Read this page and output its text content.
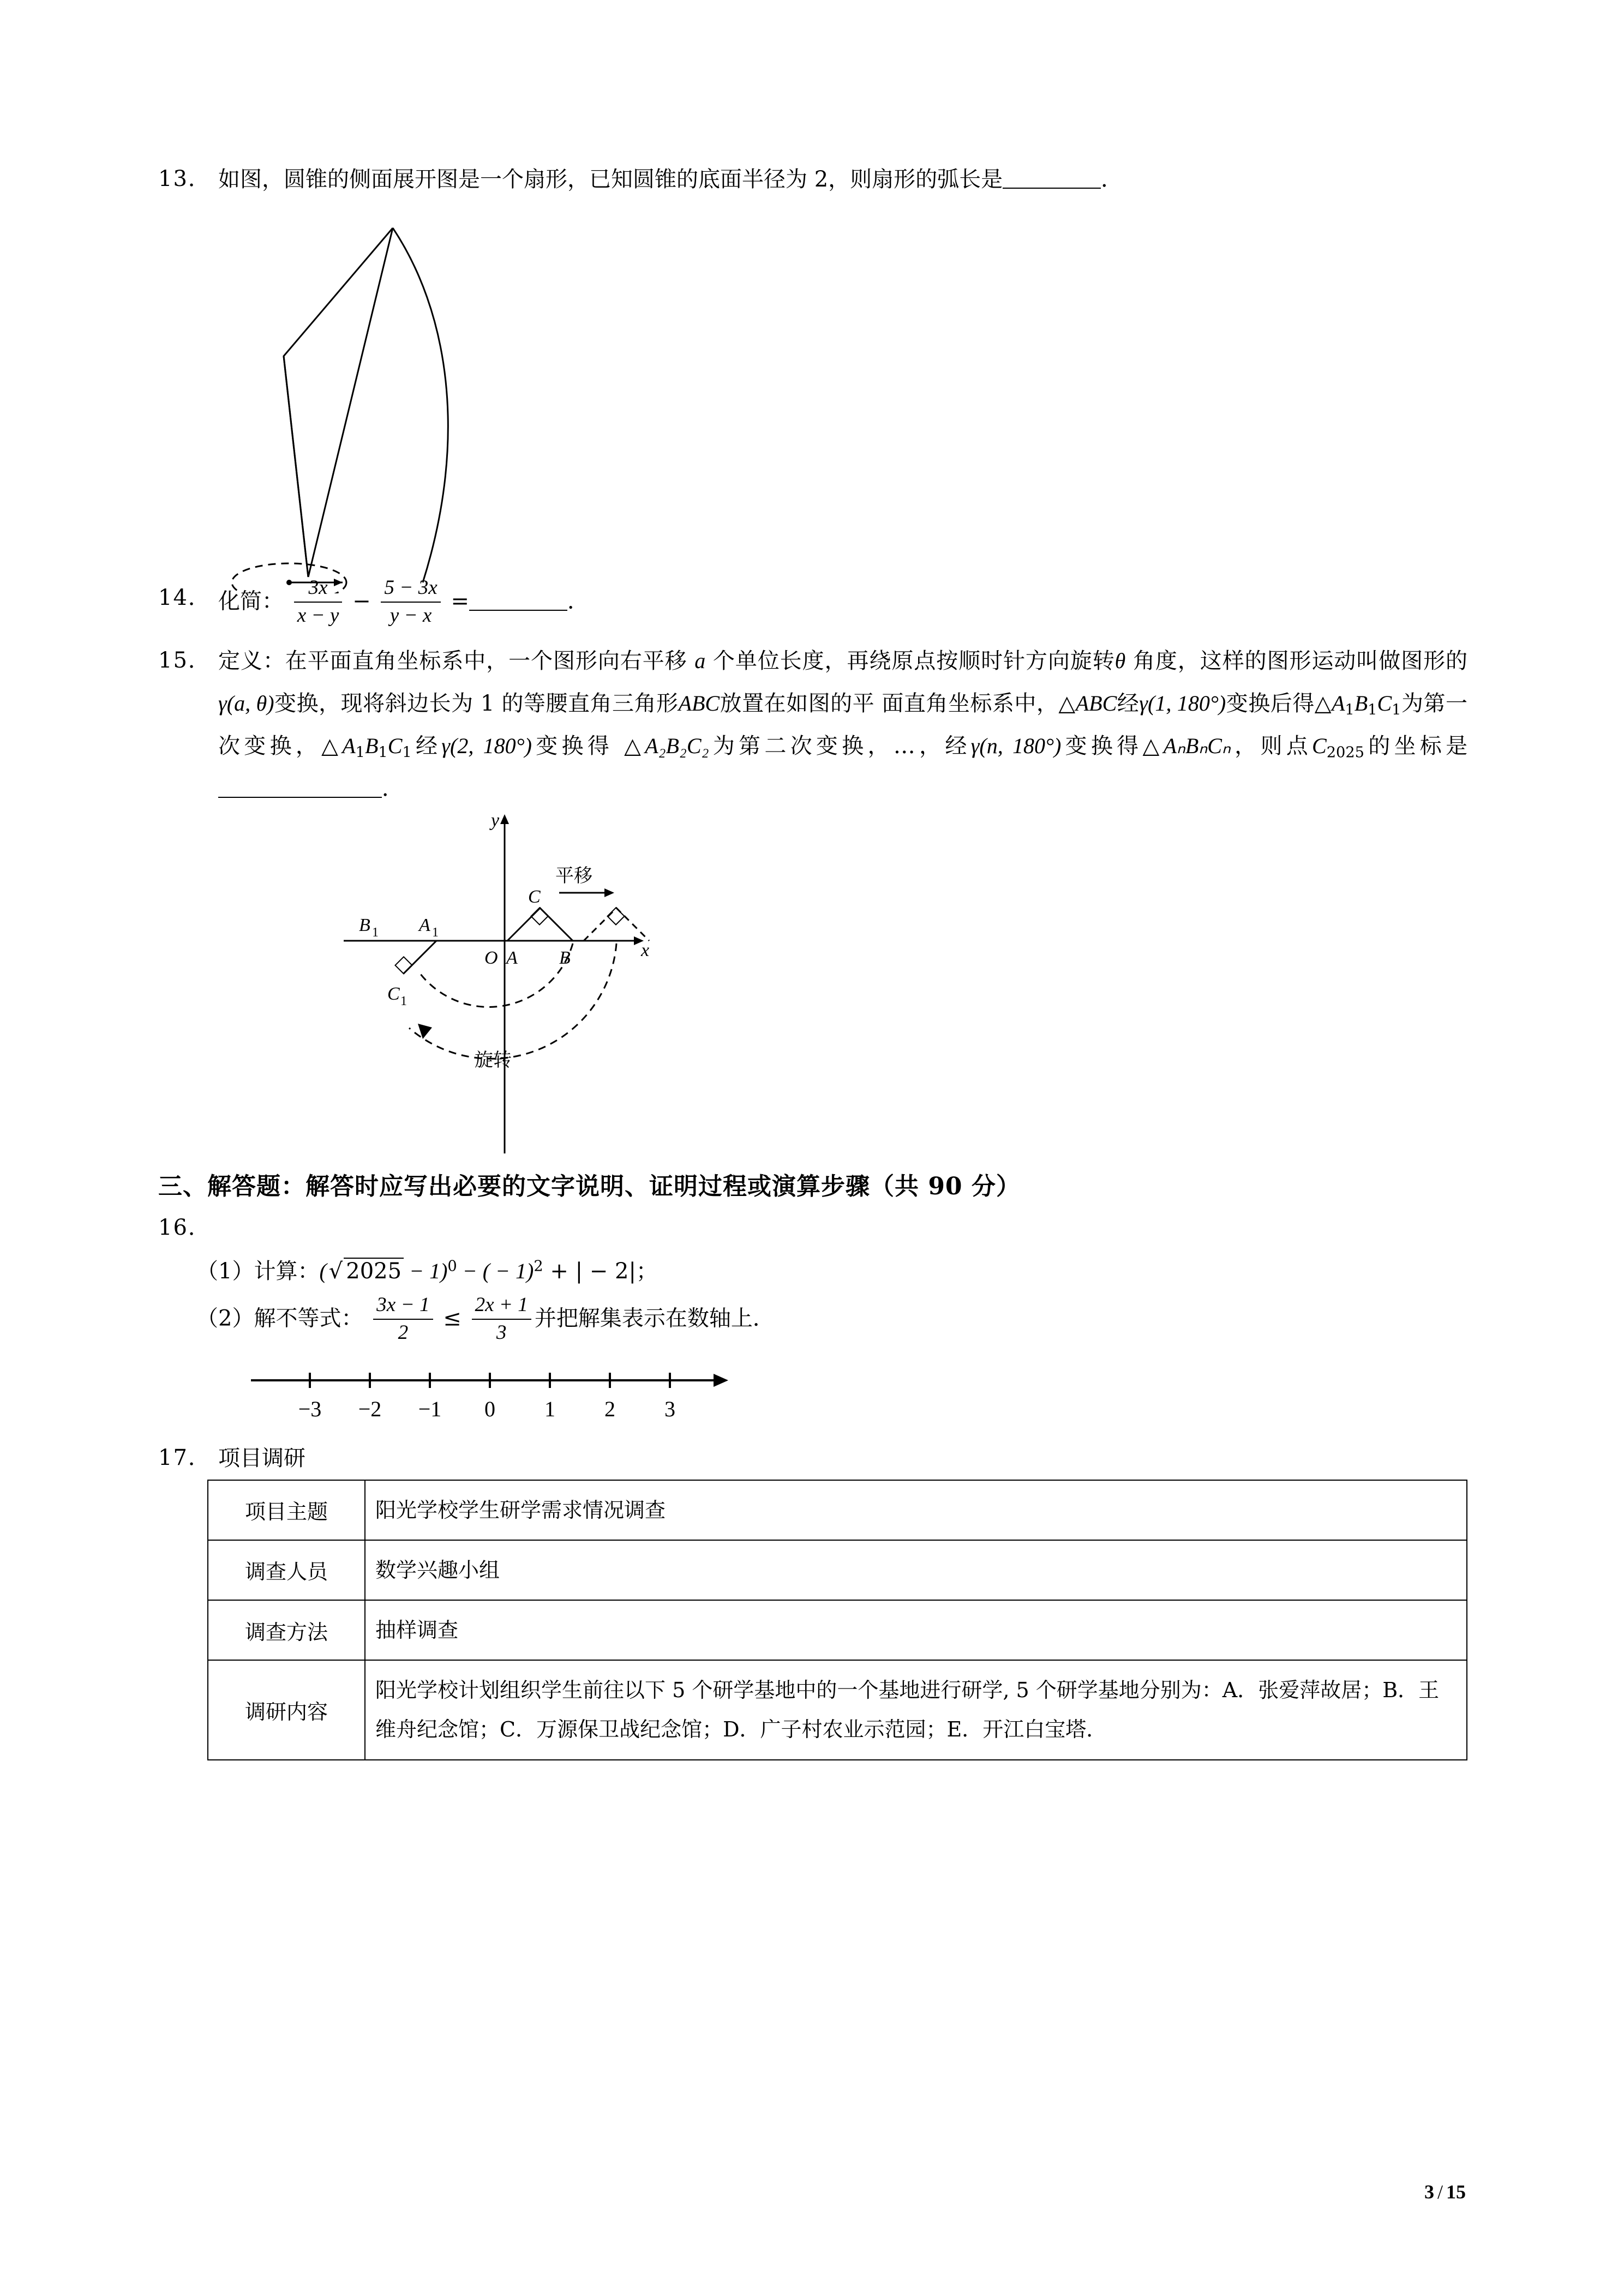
13． 如图，圆锥的侧面展开图是一个扇形，已知圆锥的底面半径为 2，则扇形的弧长是	．
14． 化简： $\frac{3x}{x - y} - \frac{5 - 3x}{y - x}$ =	．
15． 定义：在平面直角坐标系中，一个图形向右平移 a 个单位长度，再绕原点按顺时针方向旋转θ 角度，这样的图形运动叫做图形的γ(a, θ)变换，现将斜边长为 1 的等腰直角三角形ABC放置在如图的平 面直角坐标系中，△ABC经γ(1, 180°)变换后得$\triangle A_1B_1C_1$为第一次变换，$\triangle A_1B_1C_1$经γ(2, 180°)变换得 △A₂B₂C₂为第二次变换，…，经γ(n, 180°)变换得△AₙBₙCₙ，则点$C_{2025}$的坐标是．
y
x
O A B
C
平移
B 1 A 1
C 1
旋转
三、解答题：解答时应写出必要的文字说明、证明过程或演算步骤（共 90 分）
16．
（1）计算：( √ 2025 − 1)$^0$ − ( − 1)$^2$ + | − 2|；
（2）解不等式： $\frac{3x - 1}{2} \le \frac{2x + 1}{3}$ 并把解集表示在数轴上．
−3 −2 −1 0 1 2 3
17． 项目调研
项目主题	阳光学校学生研学需求情况调查
调查人员	数学兴趣小组
调查方法	抽样调查
调研内容	阳光学校计划组织学生前往以下 5 个研学基地中的一个基地进行研学, 5 个研学基地分别为：A．张爱萍故居；B．王维舟纪念馆；C．万源保卫战纪念馆；D．广子村农业示范园；E．开江白宝塔．
3 / 15
